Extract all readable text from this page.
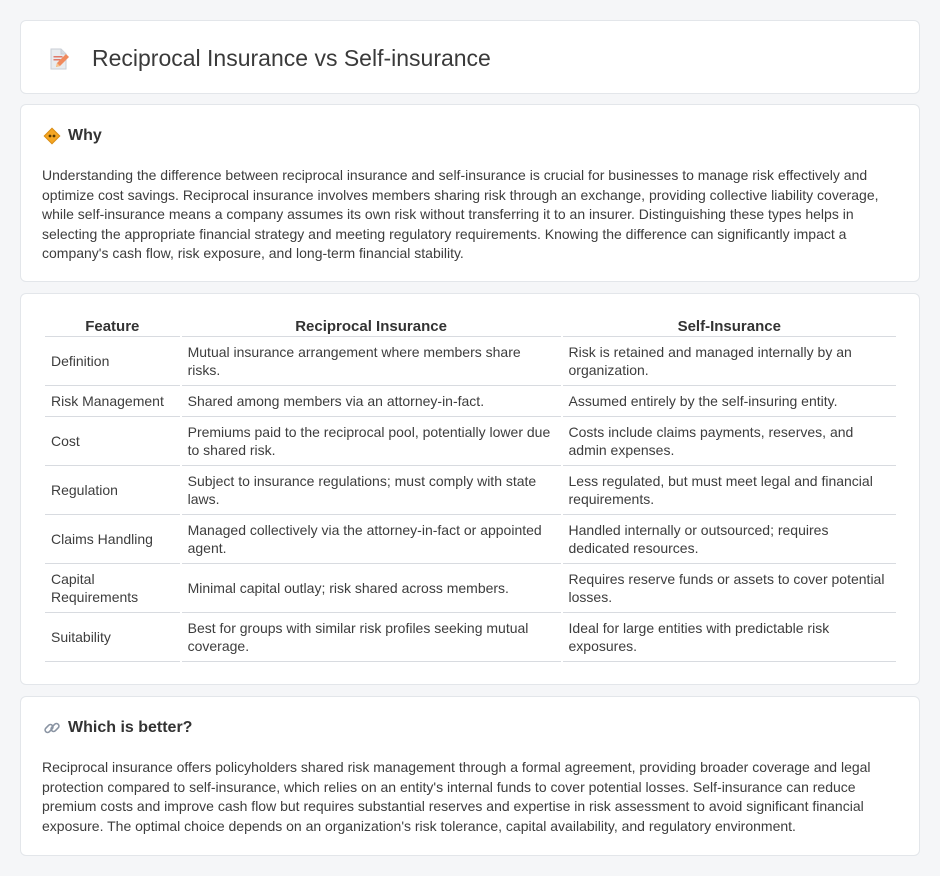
Reciprocal Insurance vs Self-insurance
Why

Understanding the difference between reciprocal insurance and self-insurance is crucial for businesses to manage risk effectively and optimize cost savings. Reciprocal insurance involves members sharing risk through an exchange, providing collective liability coverage, while self-insurance means a company assumes its own risk without transferring it to an insurer. Distinguishing these types helps in selecting the appropriate financial strategy and meeting regulatory requirements. Knowing the difference can significantly impact a company's cash flow, risk exposure, and long-term financial stability.

Feature	Reciprocal Insurance	Self-Insurance
Definition	Mutual insurance arrangement where members share risks.	Risk is retained and managed internally by an organization.
Risk Management	Shared among members via an attorney-in-fact.	Assumed entirely by the self-insuring entity.
Cost	Premiums paid to the reciprocal pool, potentially lower due to shared risk.	Costs include claims payments, reserves, and admin expenses.
Regulation	Subject to insurance regulations; must comply with state laws.	Less regulated, but must meet legal and financial requirements.
Claims Handling	Managed collectively via the attorney-in-fact or appointed agent.	Handled internally or outsourced; requires dedicated resources.
Capital Requirements	Minimal capital outlay; risk shared across members.	Requires reserve funds or assets to cover potential losses.
Suitability	Best for groups with similar risk profiles seeking mutual coverage.	Ideal for large entities with predictable risk exposures.
Which is better?

Reciprocal insurance offers policyholders shared risk management through a formal agreement, providing broader coverage and legal protection compared to self-insurance, which relies on an entity's internal funds to cover potential losses. Self-insurance can reduce premium costs and improve cash flow but requires substantial reserves and expertise in risk assessment to avoid significant financial exposure. The optimal choice depends on an organization's risk tolerance, capital availability, and regulatory environment.
